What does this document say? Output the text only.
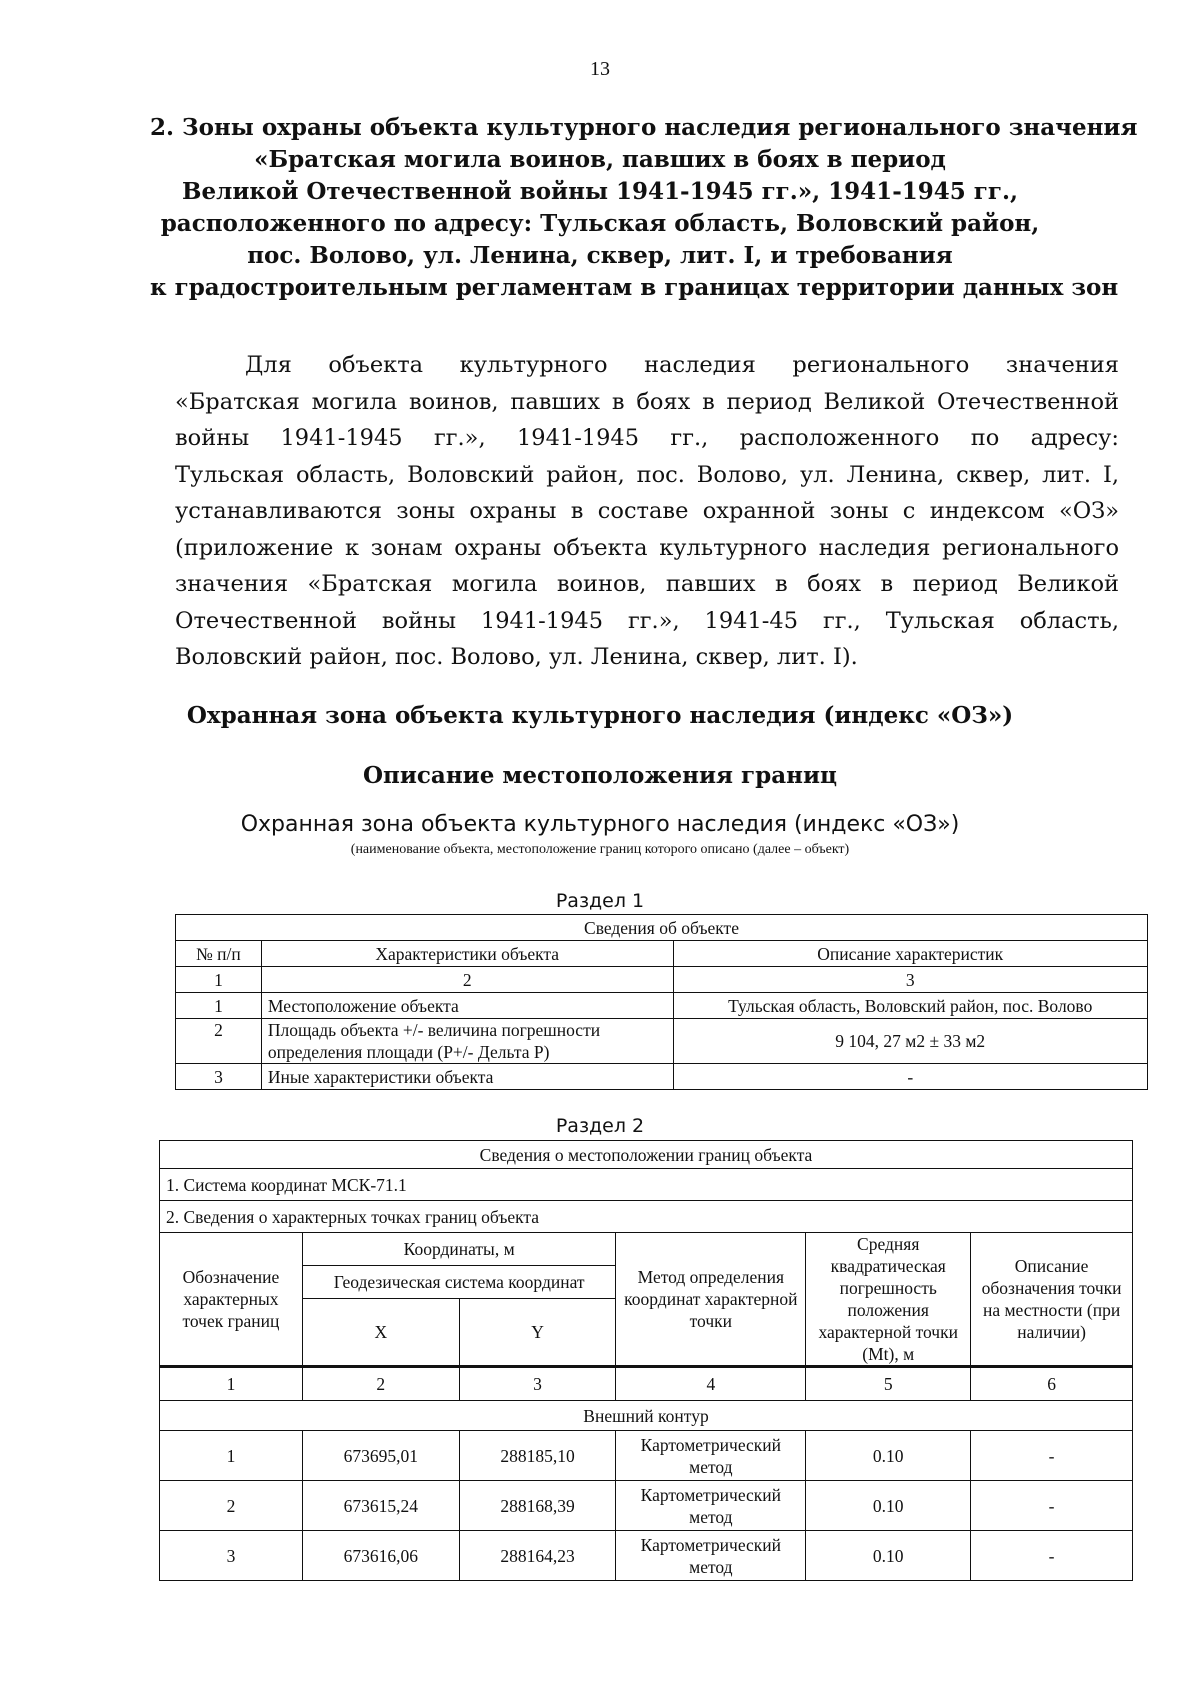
13
2. Зоны охраны объекта культурного наследия регионального значения
«Братская могила воинов, павших в боях в период
Великой Отечественной войны 1941-1945 гг.», 1941-1945 гг.,
расположенного по адресу: Тульская область, Воловский район,
пос. Волово, ул. Ленина, сквер, лит. I, и требования
к градостроительным регламентам в границах территории данных зон
Для объекта культурного наследия регионального значения
«Братская могила воинов, павших в боях в период Великой Отечественной
войны 1941-1945 гг.», 1941-1945 гг., расположенного по адресу:
Тульская область, Воловский район, пос. Волово, ул. Ленина, сквер, лит. I,
устанавливаются зоны охраны в составе охранной зоны с индексом «ОЗ»
(приложение к зонам охраны объекта культурного наследия регионального
значения «Братская могила воинов, павших в боях в период Великой
Отечественной войны 1941-1945 гг.», 1941-45 гг., Тульская область,
Воловский район, пос. Волово, ул. Ленина, сквер, лит. I).
Охранная зона объекта культурного наследия (индекс «ОЗ»)
Описание местоположения границ
Охранная зона объекта культурного наследия (индекс «ОЗ»)
(наименование объекта, местоположение границ которого описано (далее – объект)
Раздел 1
Сведения об объекте		
№ п/п	Характеристики объекта	Описание характеристик
1	2	3
1	Местоположение объекта	Тульская область, Воловский район, пос. Волово
2	Площадь объекта +/- величина погрешности
определения площади (Р+/- Дельта Р)	9 104, 27 м2 ± 33 м2
3	Иные характеристики объекта	-
Раздел 2
Сведения о местоположении границ объекта					
1. Система координат МСК-71.1					
2. Сведения о характерных точках границ объекта					
Обозначение характерных точек границ	Координаты, м		Метод определения координат характерной точки	Средняя квадратическая погрешность положения характерной точки (Mt), м	Описание обозначения точки на местности (при наличии)
	Геодезическая система координат				
	X	Y			
1	2	3	4	5	6
Внешний контур					
1	673695,01	288185,10	Картометрический метод	0.10	-
2	673615,24	288168,39	Картометрический метод	0.10	-
3	673616,06	288164,23	Картометрический метод	0.10	-
